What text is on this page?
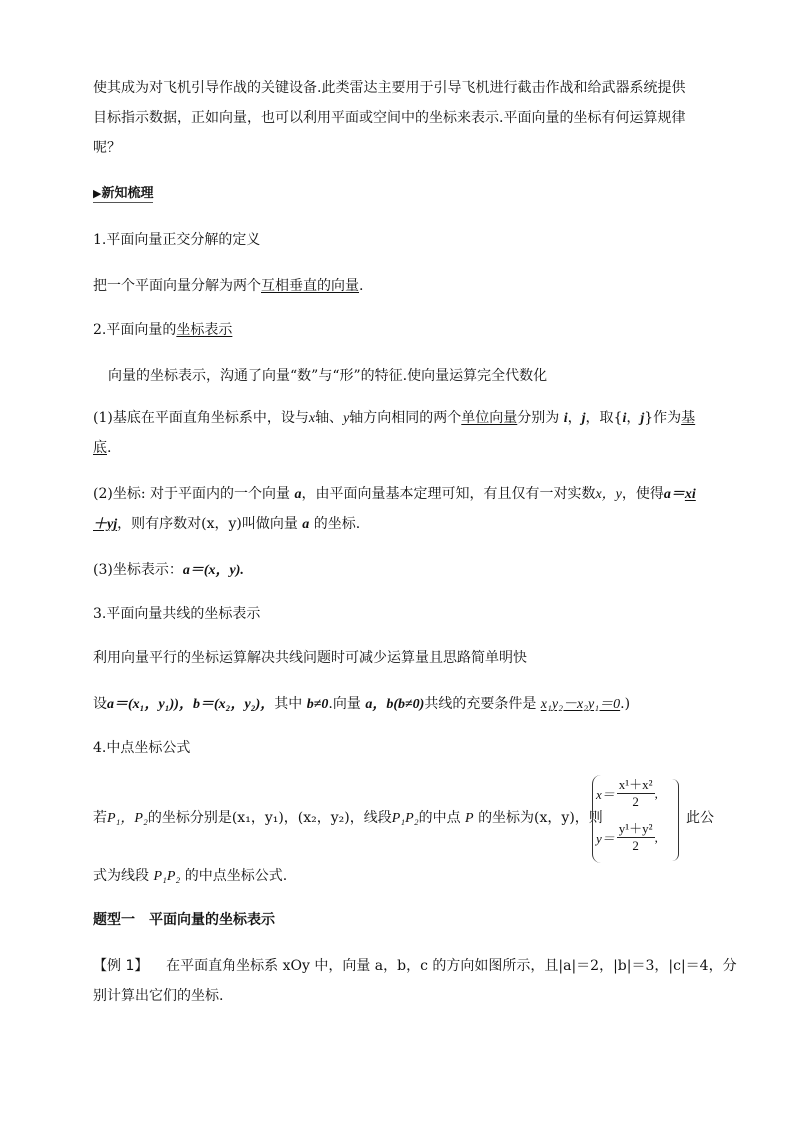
使其成为对飞机引导作战的关键设备.此类雷达主要用于引导飞机进行截击作战和给武器系统提供
目标指示数据，正如向量，也可以利用平面或空间中的坐标来表示.平面向量的坐标有何运算规律
呢？
▶新知梳理
1.平面向量正交分解的定义
把一个平面向量分解为两个互相垂直的向量.
2.平面向量的坐标表示
向量的坐标表示，沟通了向量“数”与“形”的特征.使向量运算完全代数化
(1)基底在平面直角坐标系中，设与x轴、y轴方向相同的两个单位向量分别为 i，j，取{i，j}作为基
底.
(2)坐标: 对于平面内的一个向量 a，由平面向量基本定理可知，有且仅有一对实数x，y，使得a＝xi
＋yj，则有序数对(x，y)叫做向量 a 的坐标.
(3)坐标表示：a＝(x，y).
3.平面向量共线的坐标表示
利用向量平行的坐标运算解决共线问题时可减少运算量且思路简单明快
设a＝(x₁，y₁))，b＝(x₂，y₂)，其中 b≠0.向量 a，b(b≠0)共线的充要条件是 x₁y₂－x₂y₁＝0.)
4.中点坐标公式
若P₁，P₂的坐标分别是(x₁，y₁)，(x₂，y₂)，线段P₁P₂的中点 P 的坐标为(x，y)，则	此公
$x= \frac{\text{x¹＋x²}}{2}$ ,
$y= \frac{\text{y¹＋y²}}{2}$ ,
式为线段 P₁P₂ 的中点坐标公式.
题型一　平面向量的坐标表示
【例 1】 在平面直角坐标系 xOy 中，向量 a，b，c 的方向如图所示，且|a|＝2，|b|＝3，|c|＝4，分
别计算出它们的坐标.
